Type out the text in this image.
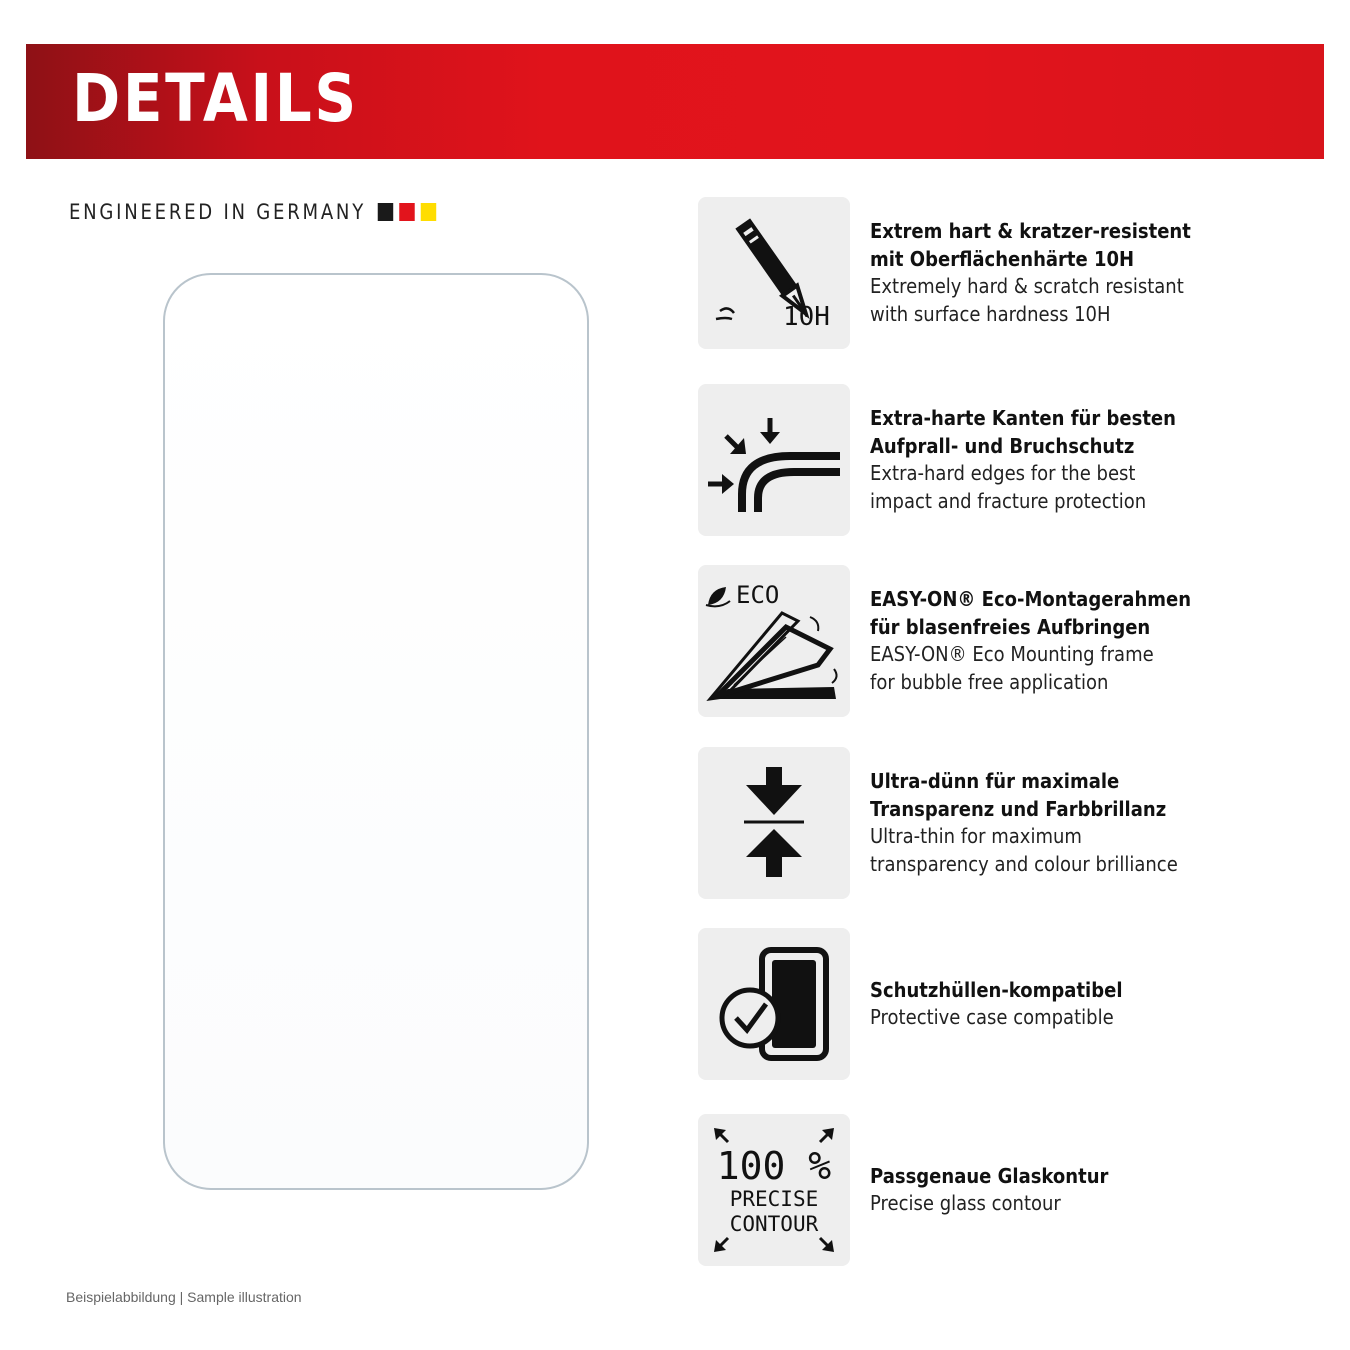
DETAILS
ENGINEERED IN GERMANY
10H
Extrem hart & kratzer-resistent
mit Oberflächenhärte 10H
Extremely hard & scratch resistant
with surface hardness 10H
Extra-harte Kanten für besten
Aufprall- und Bruchschutz
Extra-hard edges for the best
impact and fracture protection
ECO	EASY-ON® Eco-Montagerahmen
für blasenfreies Aufbringen
EASY-ON® Eco Mounting frame
for bubble free application
Ultra-dünn für maximale
Transparenz und Farbbrillanz
Ultra-thin for maximum
transparency and colour brilliance
Schutzhüllen-kompatibel
Protective case compatible
100 %
PRECISE
CONTOUR
Passgenaue Glaskontur
Precise glass contour
Beispielabbildung | Sample illustration
